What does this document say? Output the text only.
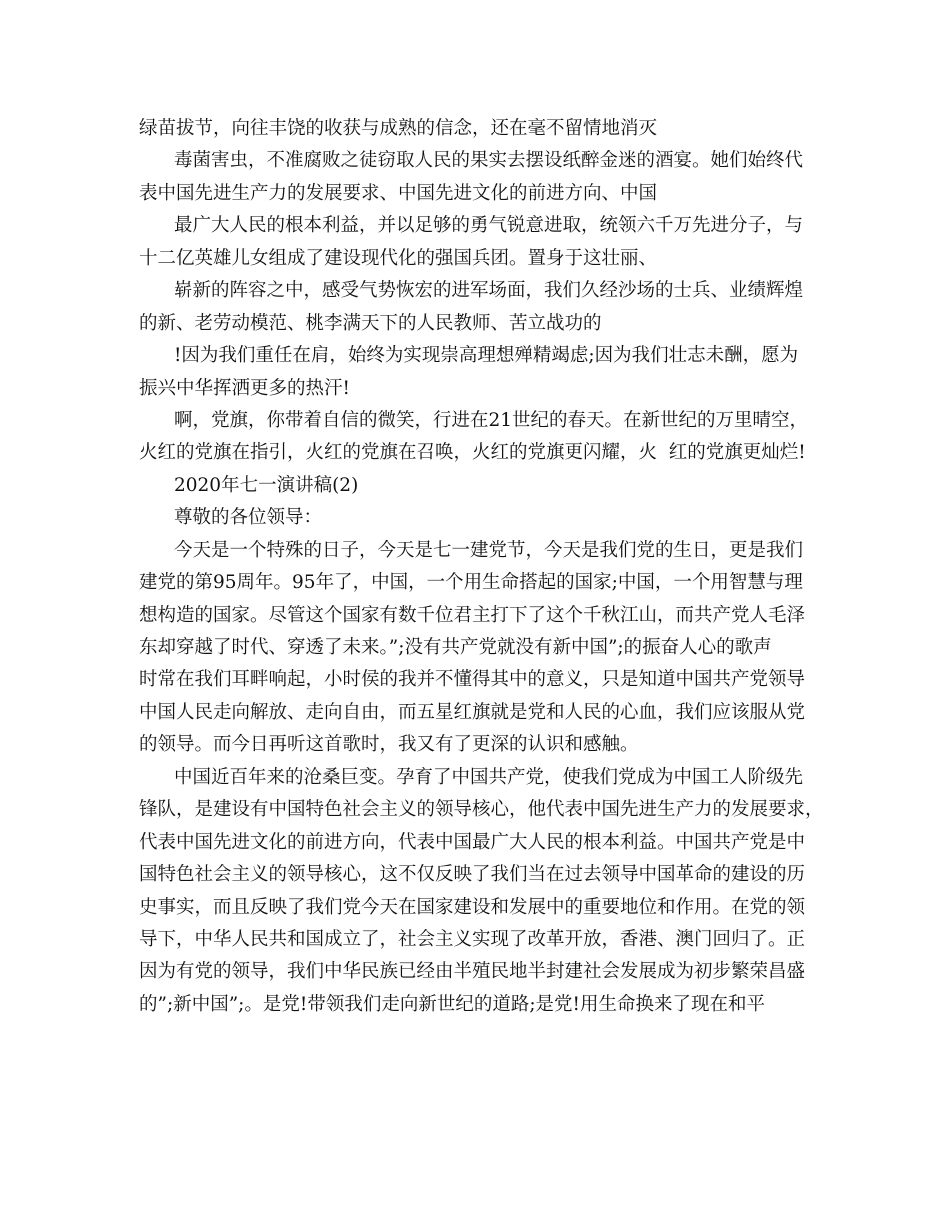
绿苗拔节，向往丰饶的收获与成熟的信念，还在毫不留情地消灭
毒菌害虫，不准腐败之徒窃取人民的果实去摆设纸醉金迷的酒宴。她们始终代
表中国先进生产力的发展要求、中国先进文化的前进方向、中国
最广大人民的根本利益，并以足够的勇气锐意进取，统领六千万先进分子，与
十二亿英雄儿女组成了建设现代化的强国兵团。置身于这壮丽、
崭新的阵容之中，感受气势恢宏的进军场面，我们久经沙场的士兵、业绩辉煌
的新、老劳动模范、桃李满天下的人民教师、苦立战功的
!因为我们重任在肩，始终为实现崇高理想殚精竭虑;因为我们壮志未酬，愿为
振兴中华挥洒更多的热汗!
啊，党旗，你带着自信的微笑，行进在21世纪的春天。在新世纪的万里晴空，
火红的党旗在指引，火红的党旗在召唤，火红的党旗更闪耀，火  红的党旗更灿烂!
2020年七一演讲稿(2)
尊敬的各位领导：
今天是一个特殊的日子，今天是七一建党节，今天是我们党的生日，更是我们
建党的第95周年。95年了，中国，一个用生命搭起的国家;中国，一个用智慧与理
想构造的国家。尽管这个国家有数千位君主打下了这个千秋江山，而共产党人毛泽
东却穿越了时代、穿透了未来。”;没有共产党就没有新中国”;的振奋人心的歌声
时常在我们耳畔响起，小时侯的我并不懂得其中的意义，只是知道中国共产党领导
中国人民走向解放、走向自由，而五星红旗就是党和人民的心血，我们应该服从党
的领导。而今日再听这首歌时，我又有了更深的认识和感触。
中国近百年来的沧桑巨变。孕育了中国共产党，使我们党成为中国工人阶级先
锋队，是建设有中国特色社会主义的领导核心，他代表中国先进生产力的发展要求，
代表中国先进文化的前进方向，代表中国最广大人民的根本利益。中国共产党是中
国特色社会主义的领导核心，这不仅反映了我们当在过去领导中国革命的建设的历
史事实，而且反映了我们党今天在国家建设和发展中的重要地位和作用。在党的领
导下，中华人民共和国成立了，社会主义实现了改革开放，香港、澳门回归了。正
因为有党的领导，我们中华民族已经由半殖民地半封建社会发展成为初步繁荣昌盛
的”;新中国”;。是党!带领我们走向新世纪的道路;是党!用生命换来了现在和平
